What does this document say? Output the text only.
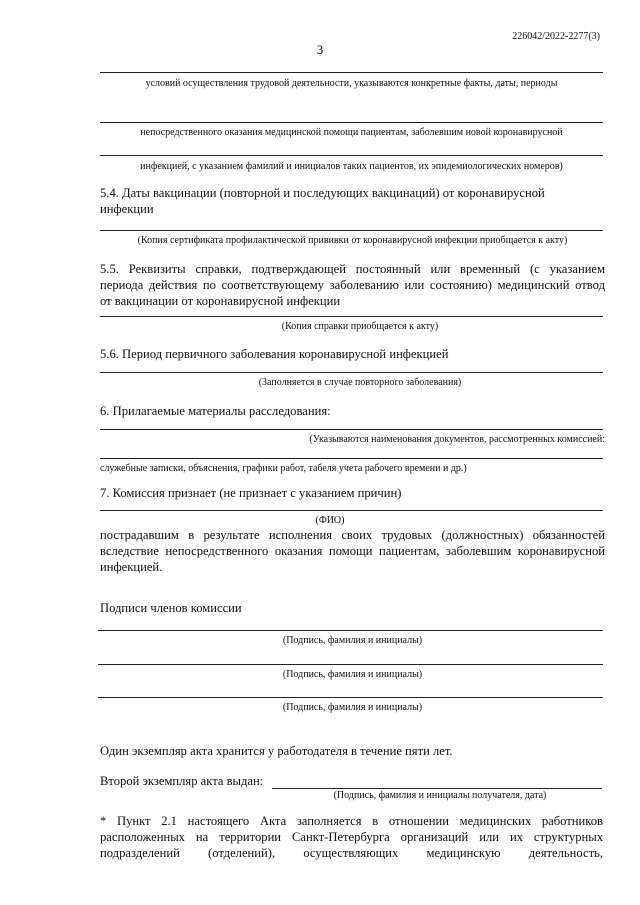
226042/2022-2277(3)
3
условий осуществления трудовой деятельности, указываются конкретные факты, даты, периоды
непосредственного оказания медицинской помощи пациентам, заболевшим новой коронавирусной
инфекцией, с указанием фамилий и инициалов таких пациентов, их эпидемиологических номеров)
5.4. Даты вакцинации (повторной и последующих вакцинаций) от коронавирусной
инфекции
(Копия сертификата профилактической прививки от коронавирусной инфекции приобщается к акту)
5.5. Реквизиты справки, подтверждающей постоянный или временный (с указанием
периода действия по соответствующему заболеванию или состоянию) медицинский отвод
от вакцинации от коронавирусной инфекции
(Копия справки приобщается к акту)
5.6. Период первичного заболевания коронавирусной инфекцией
(Заполняется в случае повторного заболевания)
6. Прилагаемые материалы расследования:
(Указываются наименования документов, рассмотренных комиссией:
служебные записки, объяснения, графики работ, табеля учета рабочего времени и др.)
7. Комиссия признает (не признает с указанием причин)
(ФИО)
пострадавшим в результате исполнения своих трудовых (должностных) обязанностей
вследствие непосредственного оказания помощи пациентам, заболевшим коронавирусной
инфекцией.
Подписи членов комиссии
(Подпись, фамилия и инициалы)
(Подпись, фамилия и инициалы)
(Подпись, фамилия и инициалы)
Один экземпляр акта хранится у работодателя в течение пяти лет.
Второй экземпляр акта выдан:
(Подпись, фамилия и инициалы получателя, дата)
* Пункт 2.1 настоящего Акта заполняется в отношении медицинских работников
расположенных на территории Санкт-Петербурга организаций или их структурных
подразделений (отделений), осуществляющих медицинскую деятельность,
